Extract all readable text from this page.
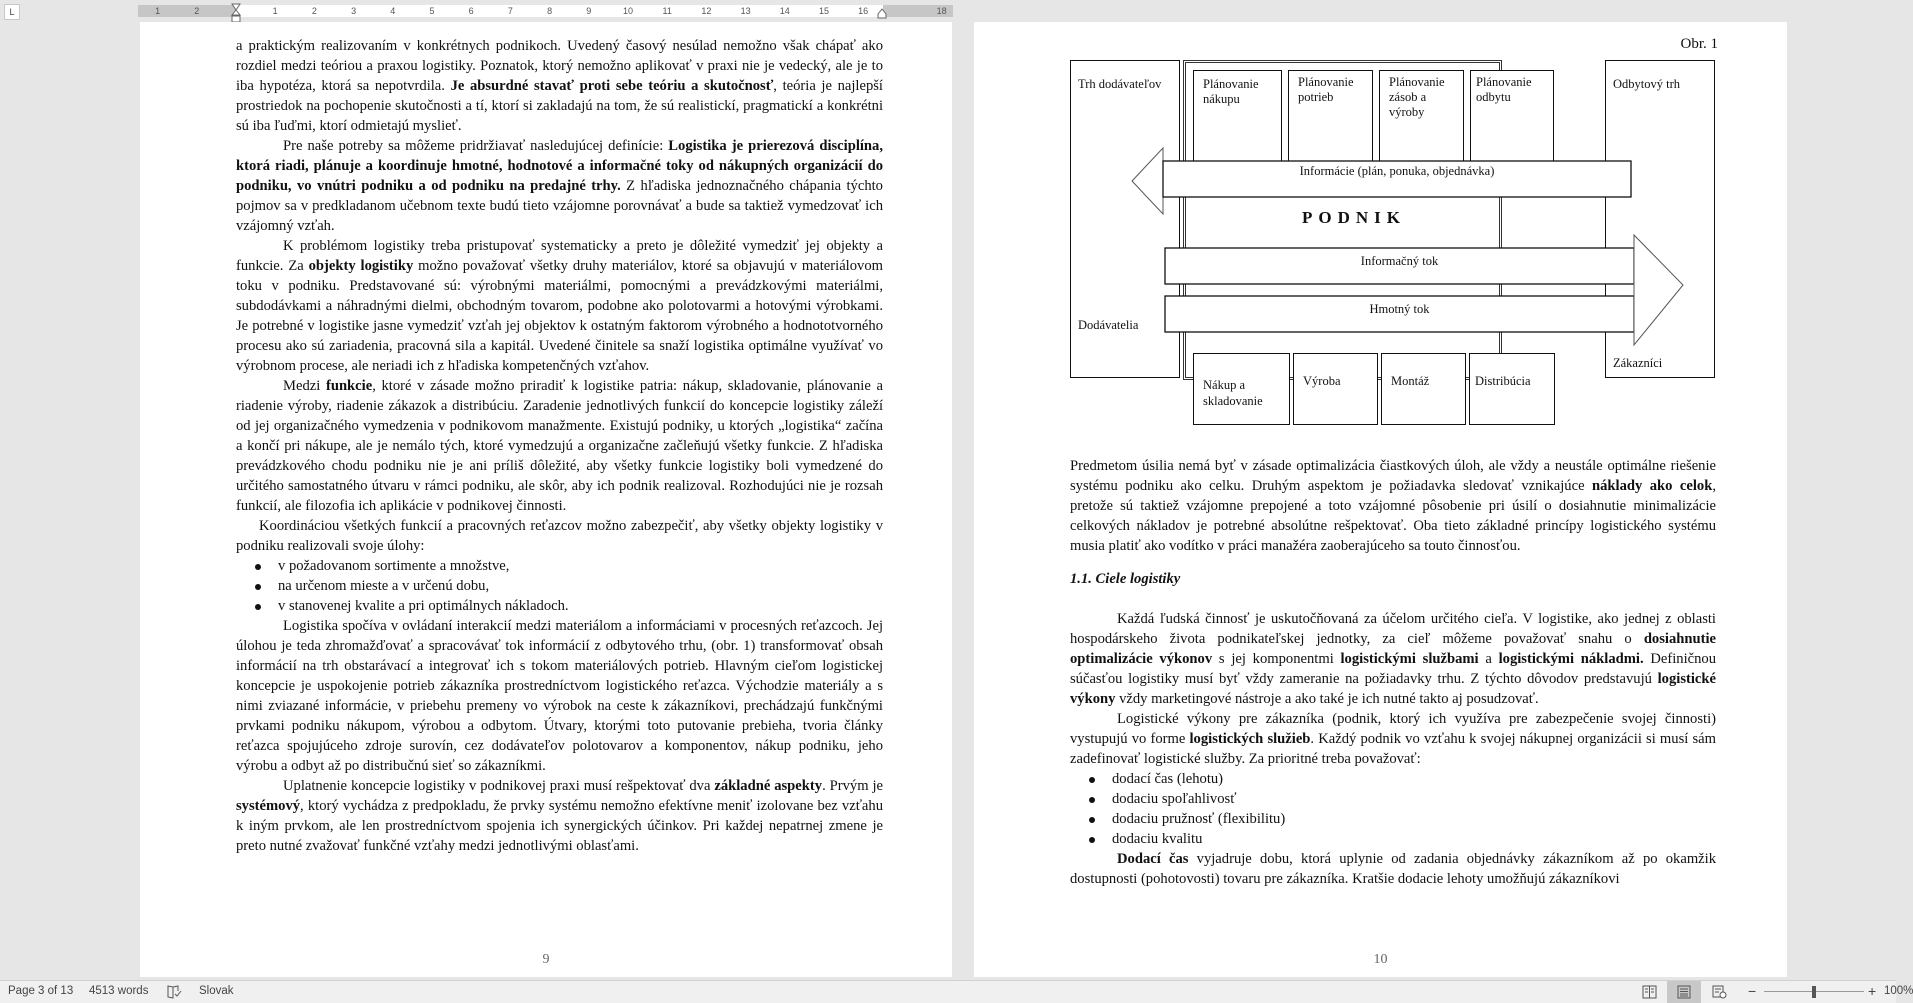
L	2
1	1	2	3	4	5	6	7	8	9	10	11	12	13	14	15	16	18

a praktickým realizovaním v konkrétnych podnikoch. Uvedený časový nesúlad nemožno však chápať ako rozdiel medzi teóriou a praxou logistiky. Poznatok, ktorý nemožno aplikovať v praxi nie je vedecký, ale je to iba hypotéza, ktorá sa nepotvrdila. Je absurdné stavať proti sebe teóriu a skutočnosť, teória je najlepší prostriedok na pochopenie skutočnosti a tí, ktorí si zakladajú na tom, že sú realistickí, pragmatickí a konkrétni sú iba ľuďmi, ktorí odmietajú myslieť.

Pre naše potreby sa môžeme pridržiavať nasledujúcej definície: Logistika je prierezová disciplína, ktorá riadi, plánuje a koordinuje hmotné, hodnotové a informačné toky od nákupných organizácií do podniku, vo vnútri podniku a od podniku na predajné trhy. Z hľadiska jednoznačného chápania týchto pojmov sa v predkladanom učebnom texte budú tieto vzájomne porovnávať a bude sa taktiež vymedzovať ich vzájomný vzťah.

K problémom logistiky treba pristupovať systematicky a preto je dôležité vymedziť jej objekty a funkcie. Za objekty logistiky možno považovať všetky druhy materiálov, ktoré sa objavujú v materiálovom toku v podniku. Predstavované sú: výrobnými materiálmi, pomocnými a prevádzkovými materiálmi, subdodávkami a náhradnými dielmi, obchodným tovarom, podobne ako polotovarmi a hotovými výrobkami. Je potrebné v logistike jasne vymedziť vzťah jej objektov k ostatným faktorom výrobného a hodnototvorného procesu ako sú zariadenia, pracovná sila a kapitál. Uvedené činitele sa snaží logistika optimálne využívať vo výrobnom procese, ale neriadi ich z hľadiska kompetenčných vzťahov.

Medzi funkcie, ktoré v zásade možno priradiť k logistike patria: nákup, skladovanie, plánovanie a riadenie výroby, riadenie zákazok a distribúciu. Zaradenie jednotlivých funkcií do koncepcie logistiky záleží od jej organizačného vymedzenia v podnikovom manažmente. Existujú podniky, u ktorých „logistika“ začína a končí pri nákupe, ale je nemálo tých, ktoré vymedzujú a organizačne začleňujú všetky funkcie. Z hľadiska prevádzkového chodu podniku nie je ani príliš dôležité, aby všetky funkcie logistiky boli vymedzené do určitého samostatného útvaru v rámci podniku, ale skôr, aby ich podnik realizoval. Rozhodujúci nie je rozsah funkcií, ale filozofia ich aplikácie v podnikovej činnosti.

Koordináciou všetkých funkcií a pracovných reťazcov možno zabezpečiť, aby všetky objekty logistiky v podniku realizovali svoje úlohy:

v požadovanom sortimente a množstve,
na určenom mieste a v určenú dobu,
v stanovenej kvalite a pri optimálnych nákladoch.

Logistika spočíva v ovládaní interakcií medzi materiálom a informáciami v procesných reťazcoch. Jej úlohou je teda zhromažďovať a spracovávať tok informácií z odbytového trhu, (obr. 1) transformovať obsah informácií na trh obstarávací a integrovať ich s tokom materiálových potrieb. Hlavným cieľom logistickej koncepcie je uspokojenie potrieb zákazníka prostredníctvom logistického reťazca. Východzie materiály a s nimi zviazané informácie, v priebehu premeny vo výrobok na ceste k zákazníkovi, prechádzajú funkčnými prvkami podniku nákupom, výrobou a odbytom. Útvary, ktorými toto putovanie prebieha, tvoria články reťazca spojujúceho zdroje surovín, cez dodávateľov polotovarov a komponentov, nákup podniku, jeho výrobu a odbyt až po distribučnú sieť so zákazníkmi.

Uplatnenie koncepcie logistiky v podnikovej praxi musí rešpektovať dva základné aspekty. Prvým je systémový, ktorý vychádza z predpokladu, že prvky systému nemožno efektívne meniť izolovane bez vzťahu k iným prvkom, ale len prostredníctvom spojenia ich synergických účinkov. Pri každej nepatrnej zmene je preto nutné zvažovať funkčné vzťahy medzi jednotlivými oblasťami.

9
Obr. 1
Plánovanie nákupu
Plánovanie potrieb
Plánovanie zásob a výroby
Plánovanie odbytu
Informácie (plán, ponuka, objednávka)
Informačný tok
Hmotný tok
Nákup a skladovanie
Výroba	Montáž	Distribúcia
Trh dodávateľov
Dodávatelia
Odbytový trh
Zákazníci
PODNIK

Predmetom úsilia nemá byť v zásade optimalizácia čiastkových úloh, ale vždy a neustále optimálne riešenie systému podniku ako celku. Druhým aspektom je požiadavka sledovať vznikajúce náklady ako celok, pretože sú taktiež vzájomne prepojené a toto vzájomné pôsobenie pri úsilí o dosiahnutie minimalizácie celkových nákladov je potrebné absolútne rešpektovať. Oba tieto základné princípy logistického systému musia platiť ako vodítko v práci manažéra zaoberajúceho sa touto činnosťou.

1.1. Ciele logistiky

Každá ľudská činnosť je uskutočňovaná za účelom určitého cieľa. V logistike, ako jednej z oblasti hospodárskeho života podnikateľskej jednotky, za cieľ môžeme považovať snahu o dosiahnutie optimalizácie výkonov s jej komponentmi logistickými službami a logistickými nákladmi. Definičnou súčasťou logistiky musí byť vždy zameranie na požiadavky trhu. Z týchto dôvodov predstavujú logistické výkony vždy marketingové nástroje a ako také je ich nutné takto aj posudzovať.

Logistické výkony pre zákazníka (podnik, ktorý ich využíva pre zabezpečenie svojej činnosti) vystupujú vo forme logistických služieb. Každý podnik vo vzťahu k svojej nákupnej organizácii si musí sám zadefinovať logistické služby. Za prioritné treba považovať:

dodací čas (lehotu)
dodaciu spoľahlivosť
dodaciu pružnosť (flexibilitu)
dodaciu kvalitu

Dodací čas vyjadruje dobu, ktorá uplynie od zadania objednávky zákazníkom až po okamžik dostupnosti (pohotovosti) tovaru pre zákazníka. Kratšie dodacie lehoty umožňujú zákazníkovi

10
Page 3 of 13 4513 words	Slovak	−	+ 100%
